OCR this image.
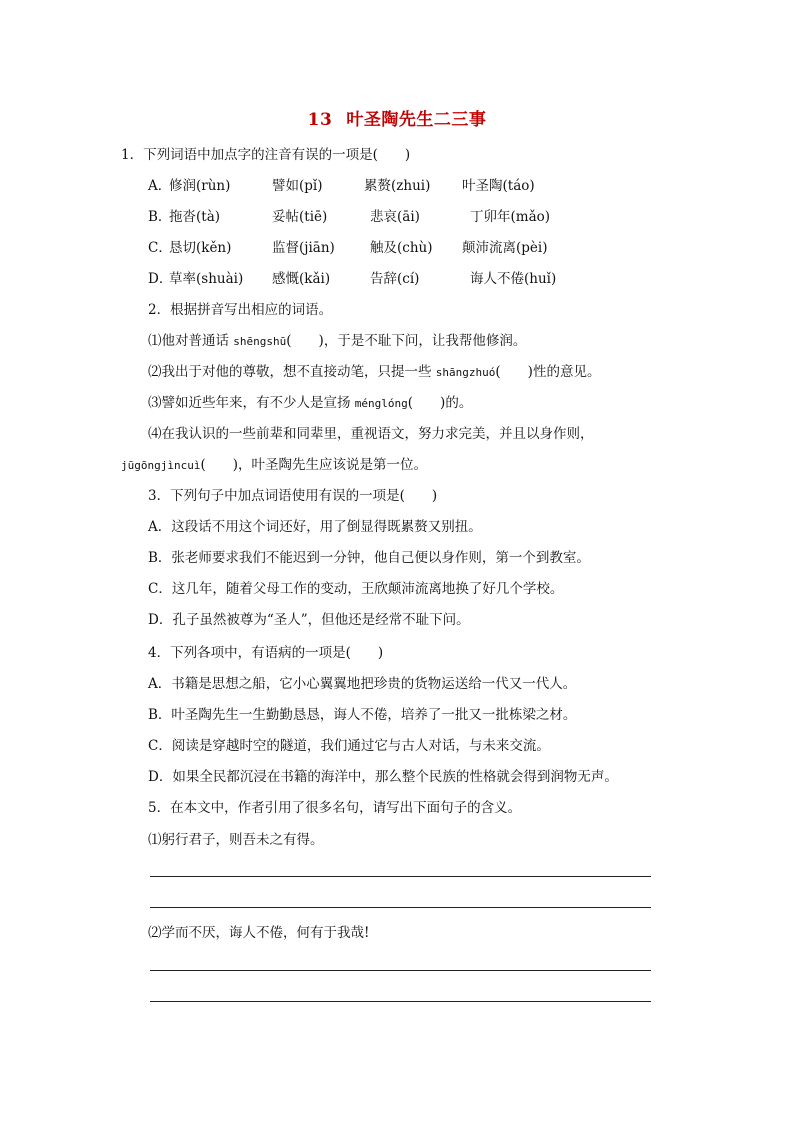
13 叶圣陶先生二三事
1．下列词语中加点字的注音有误的一项是(　　)
A．
修润(rùn)	譬如(pǐ)	累赘(zhui) 叶圣陶(táo)
B．
拖沓(tà)	妥帖(tiē)	悲哀(āi)	丁卯年(mǎo)
C．
恳切(kěn)	监督(jiān)	触及(chù) 颠沛流离(pèi)
D．
草率(shuài) 感慨(kǎi)	告辞(cí)	诲人不倦(huǐ)
2．根据拼音写出相应的词语。
⑴他对普通话 shēngshū(　　)，于是不耻下问，让我帮他修润。
⑵我出于对他的尊敬，想不直接动笔，只提一些 shāngzhuó(　　)性的意见。
⑶譬如近些年来，有不少人是宣扬 ménglóng(　　)的。
⑷在我认识的一些前辈和同辈里，重视语文，努力求完美，并且以身作则，
jūgōngjìncuì(　　)，叶圣陶先生应该说是第一位。
3．下列句子中加点词语使用有误的一项是(　　)
A．这段话不用这个词还好，用了倒显得既累赘又别扭。
B．张老师要求我们不能迟到一分钟，他自己便以身作则，第一个到教室。
C．这几年，随着父母工作的变动，王欣颠沛流离地换了好几个学校。
D．孔子虽然被尊为“圣人”，但他还是经常不耻下问。
4．下列各项中，有语病的一项是(　　)
A．书籍是思想之船，它小心翼翼地把珍贵的货物运送给一代又一代人。
B．叶圣陶先生一生勤勤恳恳，诲人不倦，培养了一批又一批栋梁之材。
C．阅读是穿越时空的隧道，我们通过它与古人对话，与未来交流。
D．如果全民都沉浸在书籍的海洋中，那么整个民族的性格就会得到润物无声。
5．在本文中，作者引用了很多名句，请写出下面句子的含义。
⑴躬行君子，则吾未之有得。
⑵学而不厌，诲人不倦，何有于我哉!
